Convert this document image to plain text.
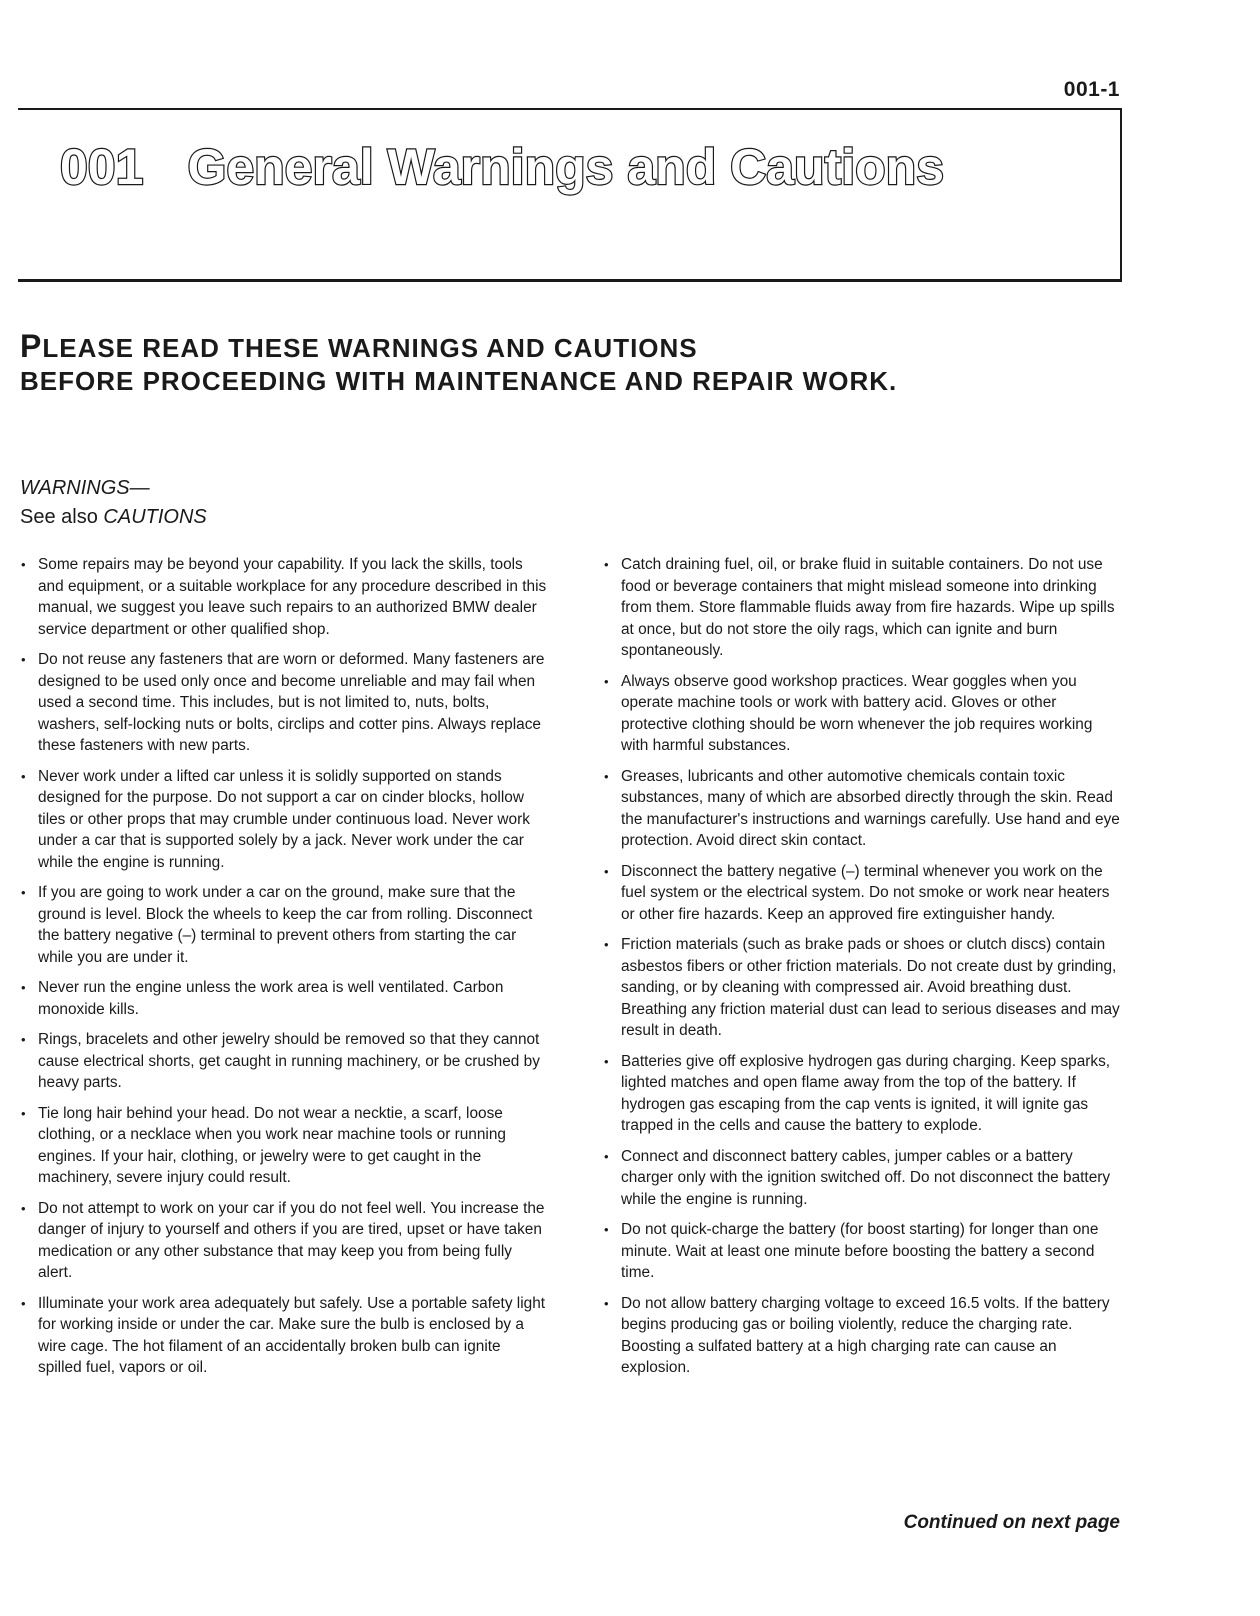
001-1
001 General Warnings and Cautions
PLEASE READ THESE WARNINGS AND CAUTIONS
BEFORE PROCEEDING WITH MAINTENANCE AND REPAIR WORK.
WARNINGS—
See also CAUTIONS
• Some repairs may be beyond your capability. If you lack the skills, tools and equipment, or a suitable workplace for any procedure described in this manual, we suggest you leave such repairs to an authorized BMW dealer service department or other qualified shop.
• Do not reuse any fasteners that are worn or deformed. Many fasteners are designed to be used only once and become unreliable and may fail when used a second time. This includes, but is not limited to, nuts, bolts, washers, self-locking nuts or bolts, circlips and cotter pins. Always replace these fasteners with new parts.
• Never work under a lifted car unless it is solidly supported on stands designed for the purpose. Do not support a car on cinder blocks, hollow tiles or other props that may crumble under continuous load. Never work under a car that is supported solely by a jack. Never work under the car while the engine is running.
• If you are going to work under a car on the ground, make sure that the ground is level. Block the wheels to keep the car from rolling. Disconnect the battery negative (–) terminal to prevent others from starting the car while you are under it.
• Never run the engine unless the work area is well ventilated. Carbon monoxide kills.
• Rings, bracelets and other jewelry should be removed so that they cannot cause electrical shorts, get caught in running machinery, or be crushed by heavy parts.
• Tie long hair behind your head. Do not wear a necktie, a scarf, loose clothing, or a necklace when you work near machine tools or running engines. If your hair, clothing, or jewelry were to get caught in the machinery, severe injury could result.
• Do not attempt to work on your car if you do not feel well. You increase the danger of injury to yourself and others if you are tired, upset or have taken medication or any other substance that may keep you from being fully alert.
• Illuminate your work area adequately but safely. Use a portable safety light for working inside or under the car. Make sure the bulb is enclosed by a wire cage. The hot filament of an accidentally broken bulb can ignite spilled fuel, vapors or oil.
• Catch draining fuel, oil, or brake fluid in suitable containers. Do not use food or beverage containers that might mislead someone into drinking from them. Store flammable fluids away from fire hazards. Wipe up spills at once, but do not store the oily rags, which can ignite and burn spontaneously.
• Always observe good workshop practices. Wear goggles when you operate machine tools or work with battery acid. Gloves or other protective clothing should be worn whenever the job requires working with harmful substances.
• Greases, lubricants and other automotive chemicals contain toxic substances, many of which are absorbed directly through the skin. Read the manufacturer's instructions and warnings carefully. Use hand and eye protection. Avoid direct skin contact.
• Disconnect the battery negative (–) terminal whenever you work on the fuel system or the electrical system. Do not smoke or work near heaters or other fire hazards. Keep an approved fire extinguisher handy.
• Friction materials (such as brake pads or shoes or clutch discs) contain asbestos fibers or other friction materials. Do not create dust by grinding, sanding, or by cleaning with compressed air. Avoid breathing dust. Breathing any friction material dust can lead to serious diseases and may result in death.
• Batteries give off explosive hydrogen gas during charging. Keep sparks, lighted matches and open flame away from the top of the battery. If hydrogen gas escaping from the cap vents is ignited, it will ignite gas trapped in the cells and cause the battery to explode.
• Connect and disconnect battery cables, jumper cables or a battery charger only with the ignition switched off. Do not disconnect the battery while the engine is running.
• Do not quick-charge the battery (for boost starting) for longer than one minute. Wait at least one minute before boosting the battery a second time.
• Do not allow battery charging voltage to exceed 16.5 volts. If the battery begins producing gas or boiling violently, reduce the charging rate. Boosting a sulfated battery at a high charging rate can cause an explosion.
Continued on next page
